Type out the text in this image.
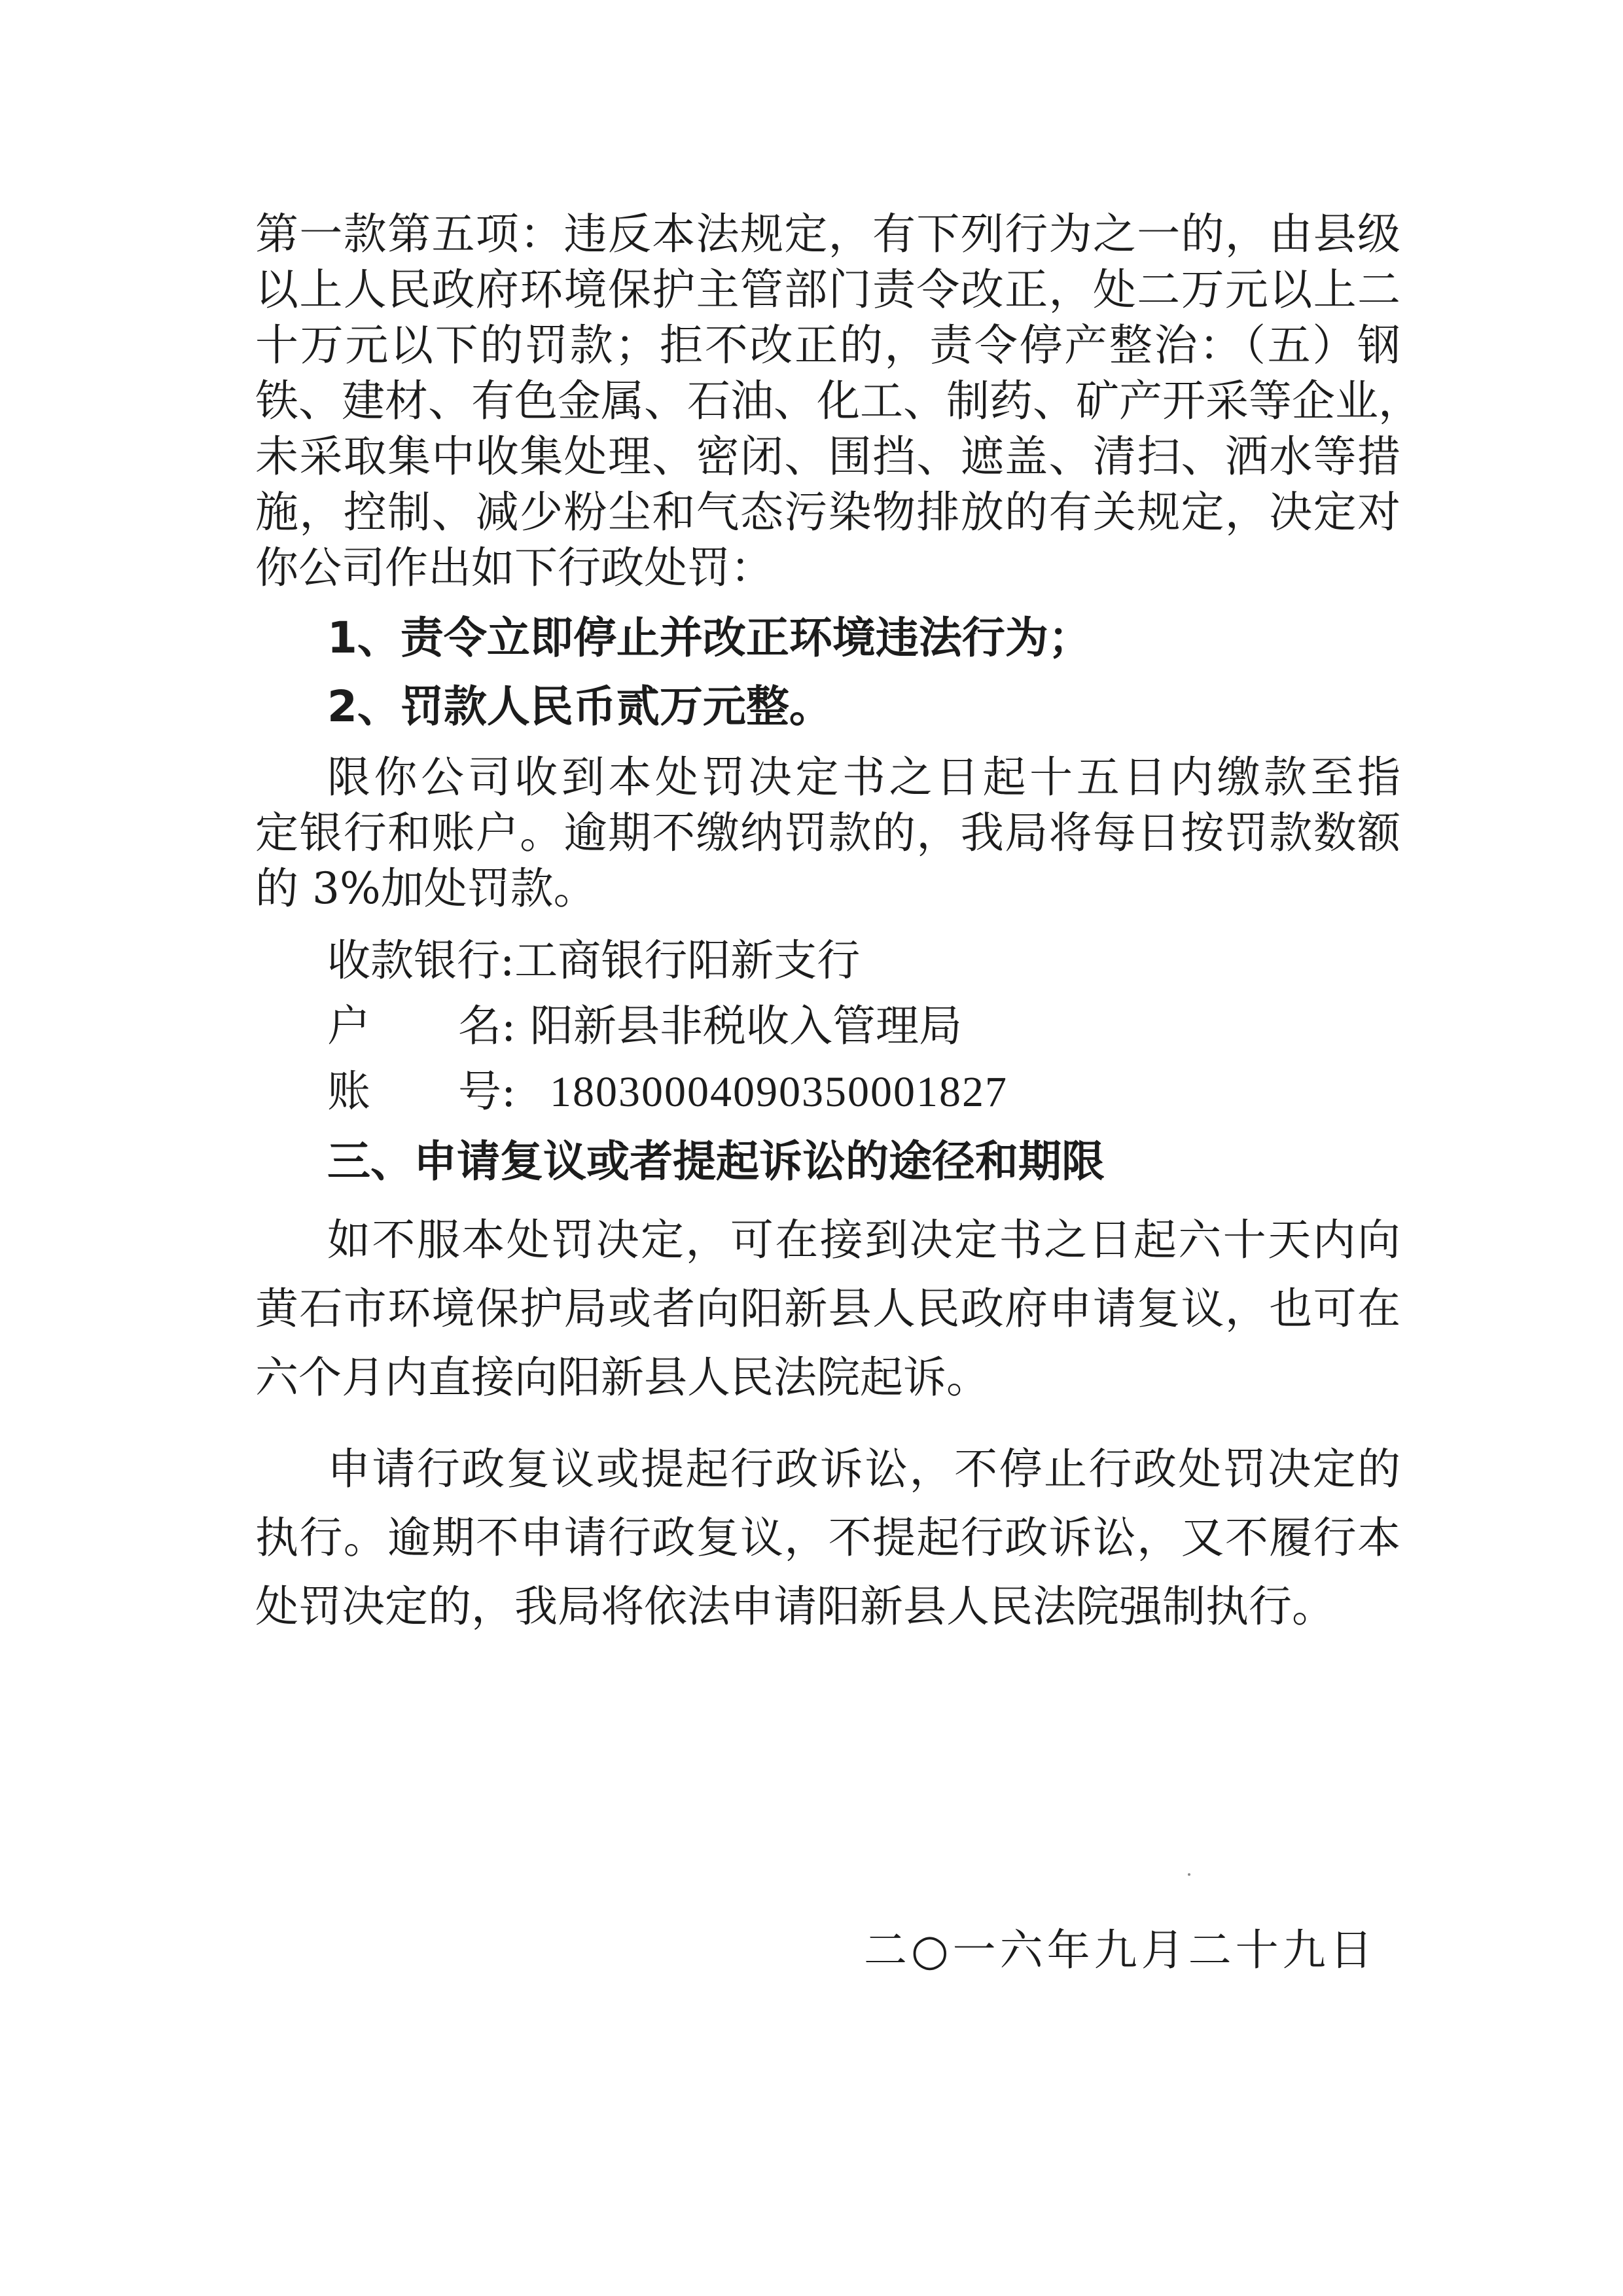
第一款第五项：违反本法规定，有下列行为之一的，由县级
以上人民政府环境保护主管部门责令改正，处二万元以上二
十万元以下的罚款；拒不改正的，责令停产整治：（五）钢
铁、建材、有色金属、石油、化工、制药、矿产开采等企业，
未采取集中收集处理、密闭、围挡、遮盖、清扫、洒水等措
施，控制、减少粉尘和气态污染物排放的有关规定，决定对
你公司作出如下行政处罚：
1、责令立即停止并改正环境违法行为；
2、罚款人民币贰万元整。
限你公司收到本处罚决定书之日起十五日内缴款至指
定银行和账户。逾期不缴纳罚款的，我局将每日按罚款数额
的 3%加处罚款。
收款银行:工商银行阳新支行
户 名: 阳新县非税收入管理局
账 号: 18030004090350001827
三、申请复议或者提起诉讼的途径和期限
如不服本处罚决定，可在接到决定书之日起六十天内向
黄石市环境保护局或者向阳新县人民政府申请复议，也可在
六个月内直接向阳新县人民法院起诉。
申请行政复议或提起行政诉讼，不停止行政处罚决定的
执行。逾期不申请行政复议，不提起行政诉讼，又不履行本
处罚决定的，我局将依法申请阳新县人民法院强制执行。
二○一六年九月二十九日
